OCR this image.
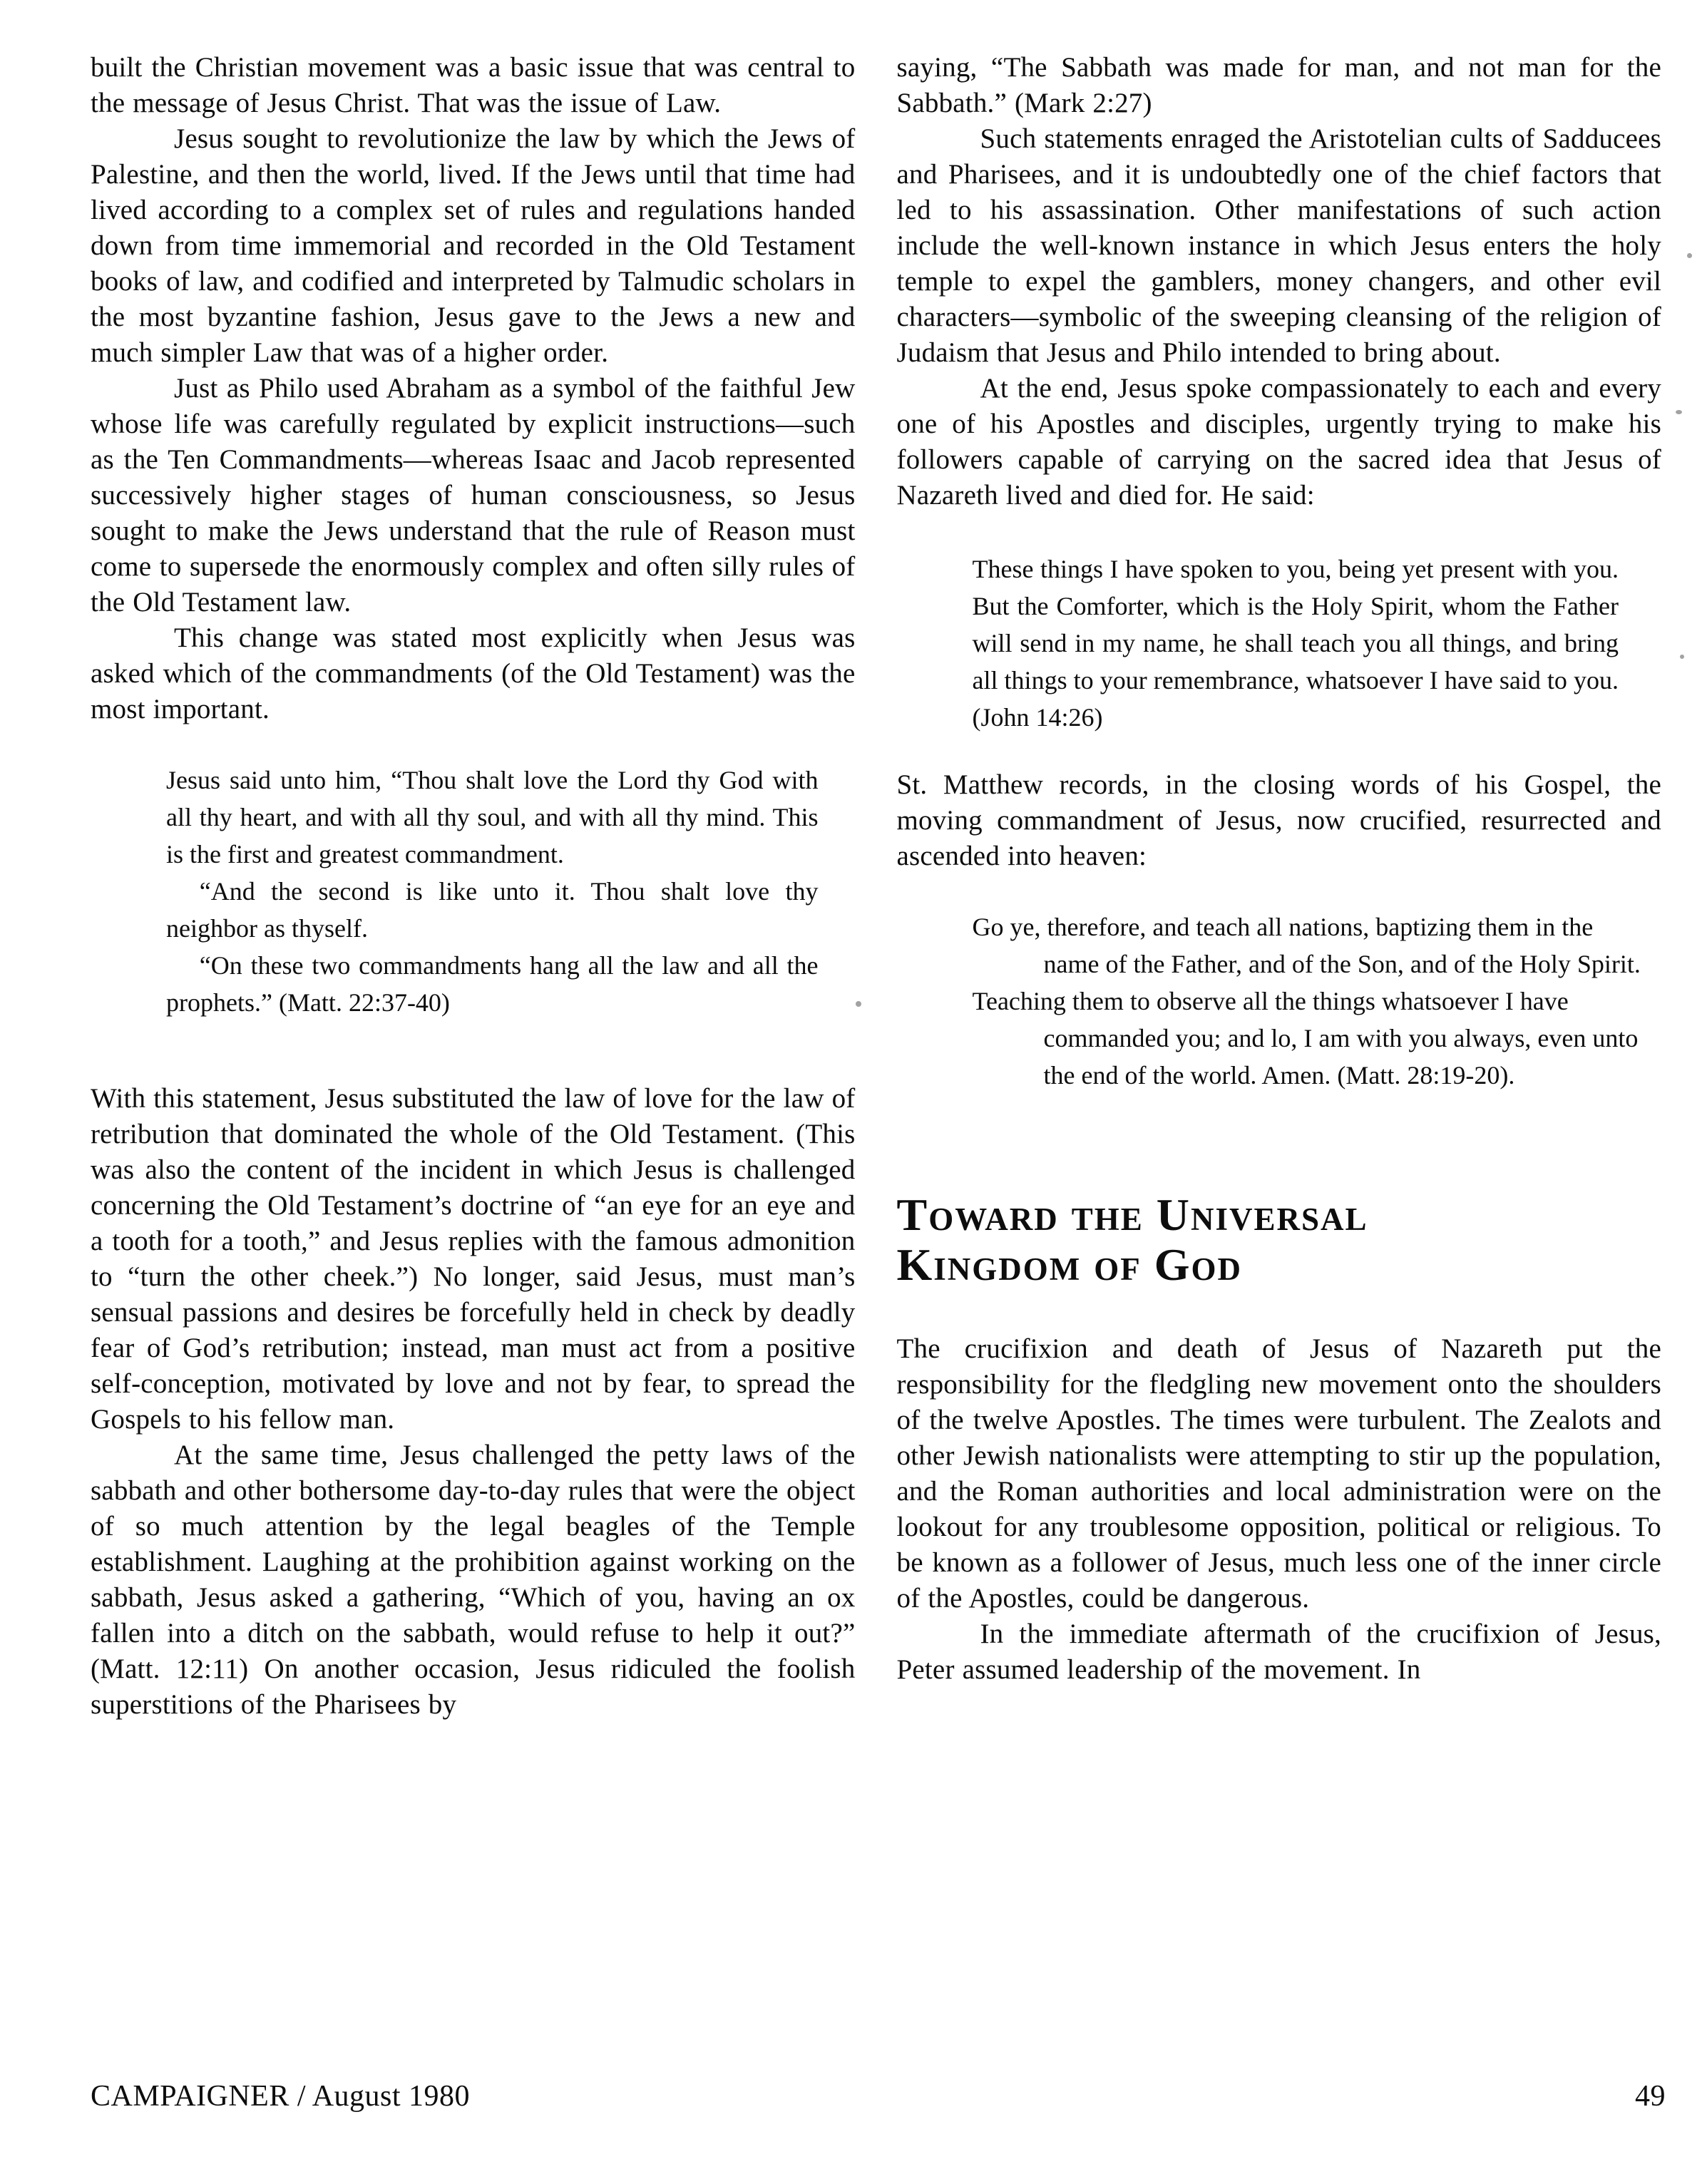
built the Christian movement was a basic issue that was central to the message of Jesus Christ. That was the issue of Law.

Jesus sought to revolutionize the law by which the Jews of Palestine, and then the world, lived. If the Jews until that time had lived according to a complex set of rules and regulations handed down from time immemorial and recorded in the Old Testament books of law, and codified and interpreted by Talmudic scholars in the most byzantine fashion, Jesus gave to the Jews a new and much simpler Law that was of a higher order.

Just as Philo used Abraham as a symbol of the faithful Jew whose life was carefully regulated by explicit instructions—such as the Ten Commandments—whereas Isaac and Jacob represented successively higher stages of human consciousness, so Jesus sought to make the Jews understand that the rule of Reason must come to supersede the enormously complex and often silly rules of the Old Testament law.

This change was stated most explicitly when Jesus was asked which of the commandments (of the Old Testament) was the most important.

Jesus said unto him, “Thou shalt love the Lord thy God with all thy heart, and with all thy soul, and with all thy mind. This is the first and greatest commandment.

“And the second is like unto it. Thou shalt love thy neighbor as thyself.

“On these two commandments hang all the law and all the prophets.” (Matt. 22:37-40)

With this statement, Jesus substituted the law of love for the law of retribution that dominated the whole of the Old Testament. (This was also the content of the incident in which Jesus is challenged concerning the Old Testament’s doctrine of “an eye for an eye and a tooth for a tooth,” and Jesus replies with the famous admonition to “turn the other cheek.”) No longer, said Jesus, must man’s sensual passions and desires be forcefully held in check by deadly fear of God’s retribution; instead, man must act from a positive self-conception, motivated by love and not by fear, to spread the Gospels to his fellow man.

At the same time, Jesus challenged the petty laws of the sabbath and other bothersome day-to-day rules that were the object of so much attention by the legal beagles of the Temple establishment. Laughing at the prohibition against working on the sabbath, Jesus asked a gathering, “Which of you, having an ox fallen into a ditch on the sabbath, would refuse to help it out?” (Matt. 12:11) On another occasion, Jesus ridiculed the foolish superstitions of the Pharisees by

saying, “The Sabbath was made for man, and not man for the Sabbath.” (Mark 2:27)

Such statements enraged the Aristotelian cults of Sadducees and Pharisees, and it is undoubtedly one of the chief factors that led to his assassination. Other manifestations of such action include the well-known instance in which Jesus enters the holy temple to expel the gamblers, money changers, and other evil characters—symbolic of the sweeping cleansing of the religion of Judaism that Jesus and Philo intended to bring about.

At the end, Jesus spoke compassionately to each and every one of his Apostles and disciples, urgently trying to make his followers capable of carrying on the sacred idea that Jesus of Nazareth lived and died for. He said:

These things I have spoken to you, being yet present with you. But the Comforter, which is the Holy Spirit, whom the Father will send in my name, he shall teach you all things, and bring all things to your remembrance, whatsoever I have said to you. (John 14:26)

St. Matthew records, in the closing words of his Gospel, the moving commandment of Jesus, now crucified, resurrected and ascended into heaven:

Go ye, therefore, and teach all nations, baptizing them in the name of the Father, and of the Son, and of the Holy Spirit.

Teaching them to observe all the things whatsoever I have commanded you; and lo, I am with you always, even unto the end of the world. Amen. (Matt. 28:19-20).

Toward the Universal
Kingdom of God

The crucifixion and death of Jesus of Nazareth put the responsibility for the fledgling new movement onto the shoulders of the twelve Apostles. The times were turbulent. The Zealots and other Jewish nationalists were attempting to stir up the population, and the Roman authorities and local administration were on the lookout for any troublesome opposition, political or religious. To be known as a follower of Jesus, much less one of the inner circle of the Apostles, could be dangerous.

In the immediate aftermath of the crucifixion of Jesus, Peter assumed leadership of the movement. In

CAMPAIGNER / August 1980	49
